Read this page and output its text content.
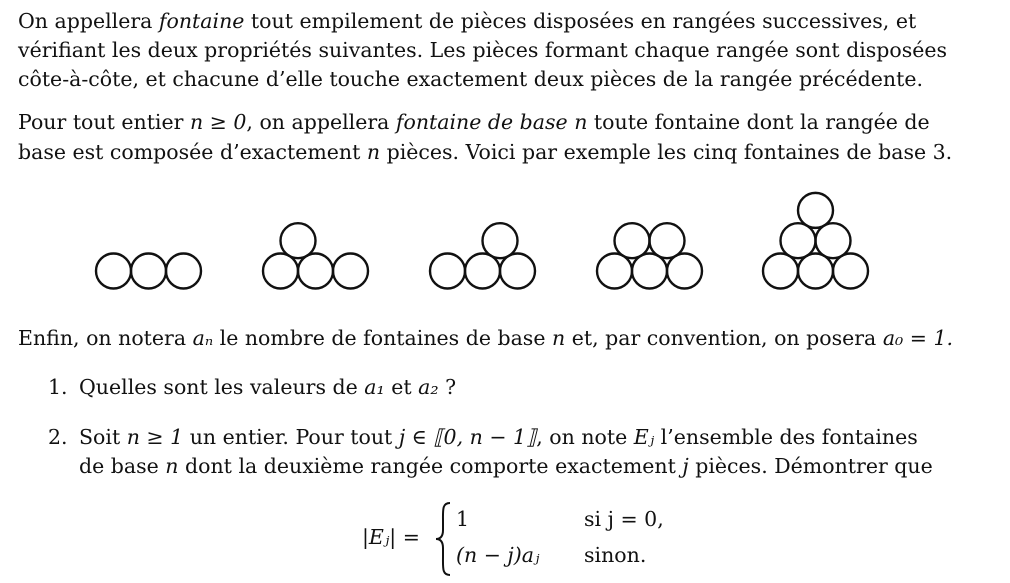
On appellera fontaine tout empilement de pièces disposées en rangées successives, et
vérifiant les deux propriétés suivantes. Les pièces formant chaque rangée sont disposées
côte-à-côte, et chacune d’elle touche exactement deux pièces de la rangée précédente.
Pour tout entier n ≥ 0, on appellera fontaine de base n toute fontaine dont la rangée de
base est composée d’exactement n pièces. Voici par exemple les cinq fontaines de base 3.
Enfin, on notera aₙ le nombre de fontaines de base n et, par convention, on posera a₀ = 1.
1. Quelles sont les valeurs de a₁ et a₂ ?
2. Soit n ≥ 1 un entier. Pour tout j ∈ ⟦0, n − 1⟧, on note Eⱼ l’ensemble des fontaines
de base n dont la deuxième rangée comporte exactement j pièces. Démontrer que
|Eⱼ| =
1	si j = 0,
(n − j)aⱼ sinon.
